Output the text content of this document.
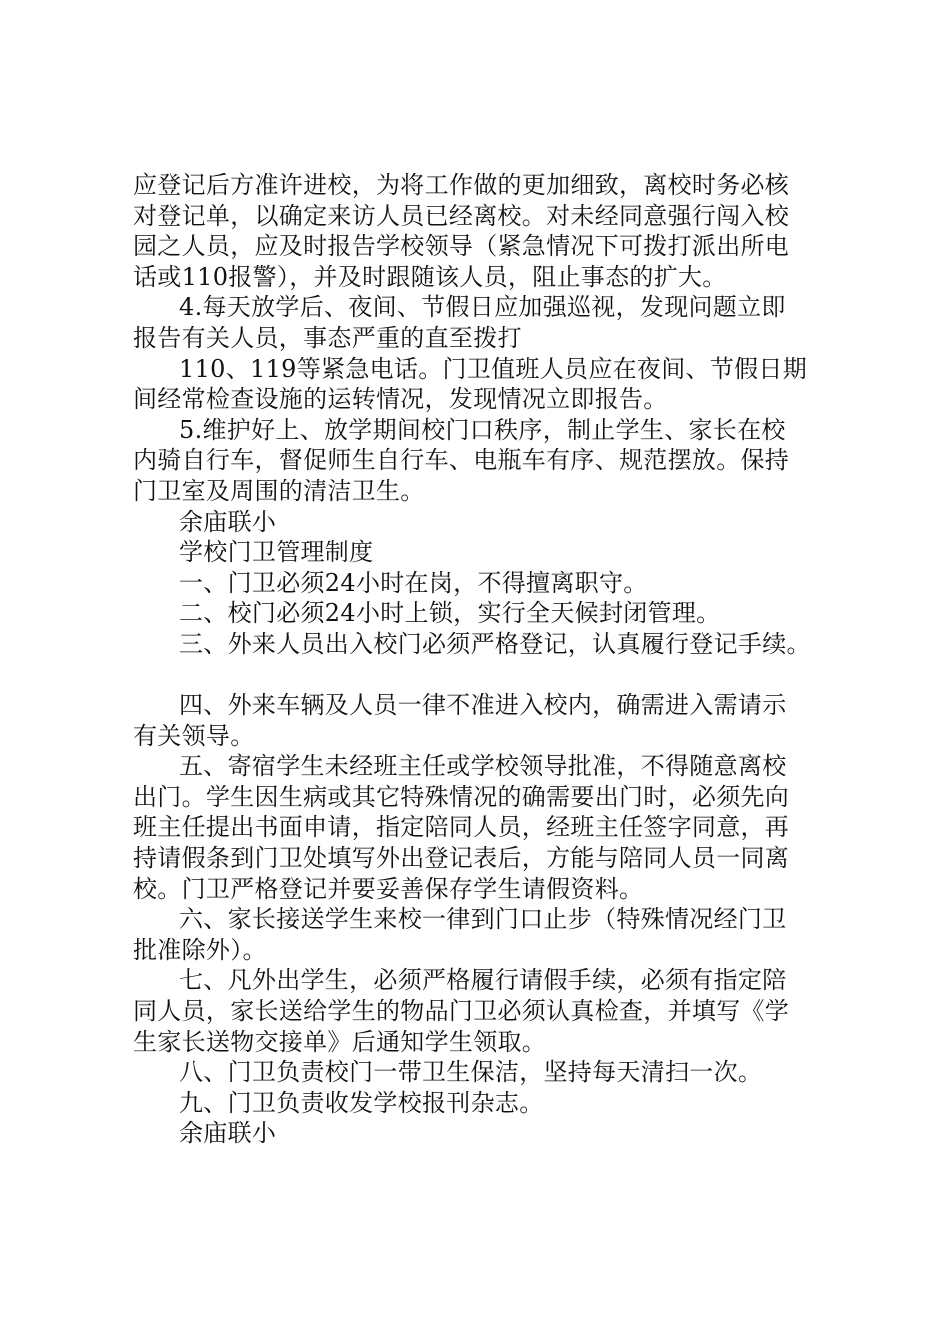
应登记后方准许进校，为将工作做的更加细致，离校时务必核
对登记单，以确定来访人员已经离校。对未经同意强行闯入校
园之人员，应及时报告学校领导（紧急情况下可拨打派出所电
话或110报警），并及时跟随该人员，阻止事态的扩大。
4.每天放学后、夜间、节假日应加强巡视，发现问题立即
报告有关人员，事态严重的直至拨打
110、119等紧急电话。门卫值班人员应在夜间、节假日期
间经常检查设施的运转情况，发现情况立即报告。
5.维护好上、放学期间校门口秩序，制止学生、家长在校
内骑自行车，督促师生自行车、电瓶车有序、规范摆放。保持
门卫室及周围的清洁卫生。
余庙联小
学校门卫管理制度
一、门卫必须24小时在岗，不得擅离职守。
二、校门必须24小时上锁，实行全天候封闭管理。
三、外来人员出入校门必须严格登记，认真履行登记手续。
四、外来车辆及人员一律不准进入校内，确需进入需请示
有关领导。
五、寄宿学生未经班主任或学校领导批准，不得随意离校
出门。学生因生病或其它特殊情况的确需要出门时，必须先向
班主任提出书面申请，指定陪同人员，经班主任签字同意，再
持请假条到门卫处填写外出登记表后，方能与陪同人员一同离
校。门卫严格登记并要妥善保存学生请假资料。
六、家长接送学生来校一律到门口止步（特殊情况经门卫
批准除外）。
七、凡外出学生，必须严格履行请假手续，必须有指定陪
同人员，家长送给学生的物品门卫必须认真检查，并填写《学
生家长送物交接单》后通知学生领取。
八、门卫负责校门一带卫生保洁，坚持每天清扫一次。
九、门卫负责收发学校报刊杂志。
余庙联小
